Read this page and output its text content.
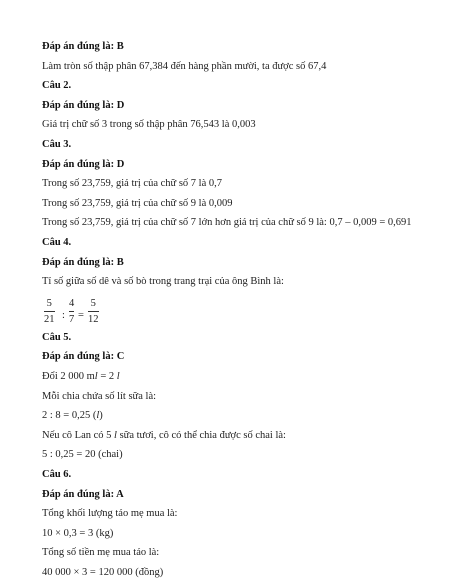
Đáp án đúng là: B
Làm tròn số thập phân 67,384 đến hàng phần mười, ta được số 67,4
Câu 2.
Đáp án đúng là: D
Giá trị chữ số 3 trong số thập phân 76,543 là 0,003
Câu 3.
Đáp án đúng là: D
Trong số 23,759, giá trị của chữ số 7 là 0,7
Trong số 23,759, giá trị của chữ số 9 là 0,009
Trong số 23,759, giá trị của chữ số 7 lớn hơn giá trị của chữ số 9 là: 0,7 – 0,009 = 0,691
Câu 4.
Đáp án đúng là: B
Tỉ số giữa số dê và số bò trong trang trại của ông Bình là:
5
21 :
4
7 =
5
12
Câu 5.
Đáp án đúng là: C
Đổi 2 000 ml = 2 l
Mỗi chia chứa số lít sữa là:
2 : 8 = 0,25 (l)
Nếu cô Lan có 5 l sữa tươi, cô có thể chia được số chai là:
5 : 0,25 = 20 (chai)
Câu 6.
Đáp án đúng là: A
Tổng khối lượng táo mẹ mua là:
10 × 0,3 = 3 (kg)
Tổng số tiền mẹ mua táo là:
40 000 × 3 = 120 000 (đồng)
